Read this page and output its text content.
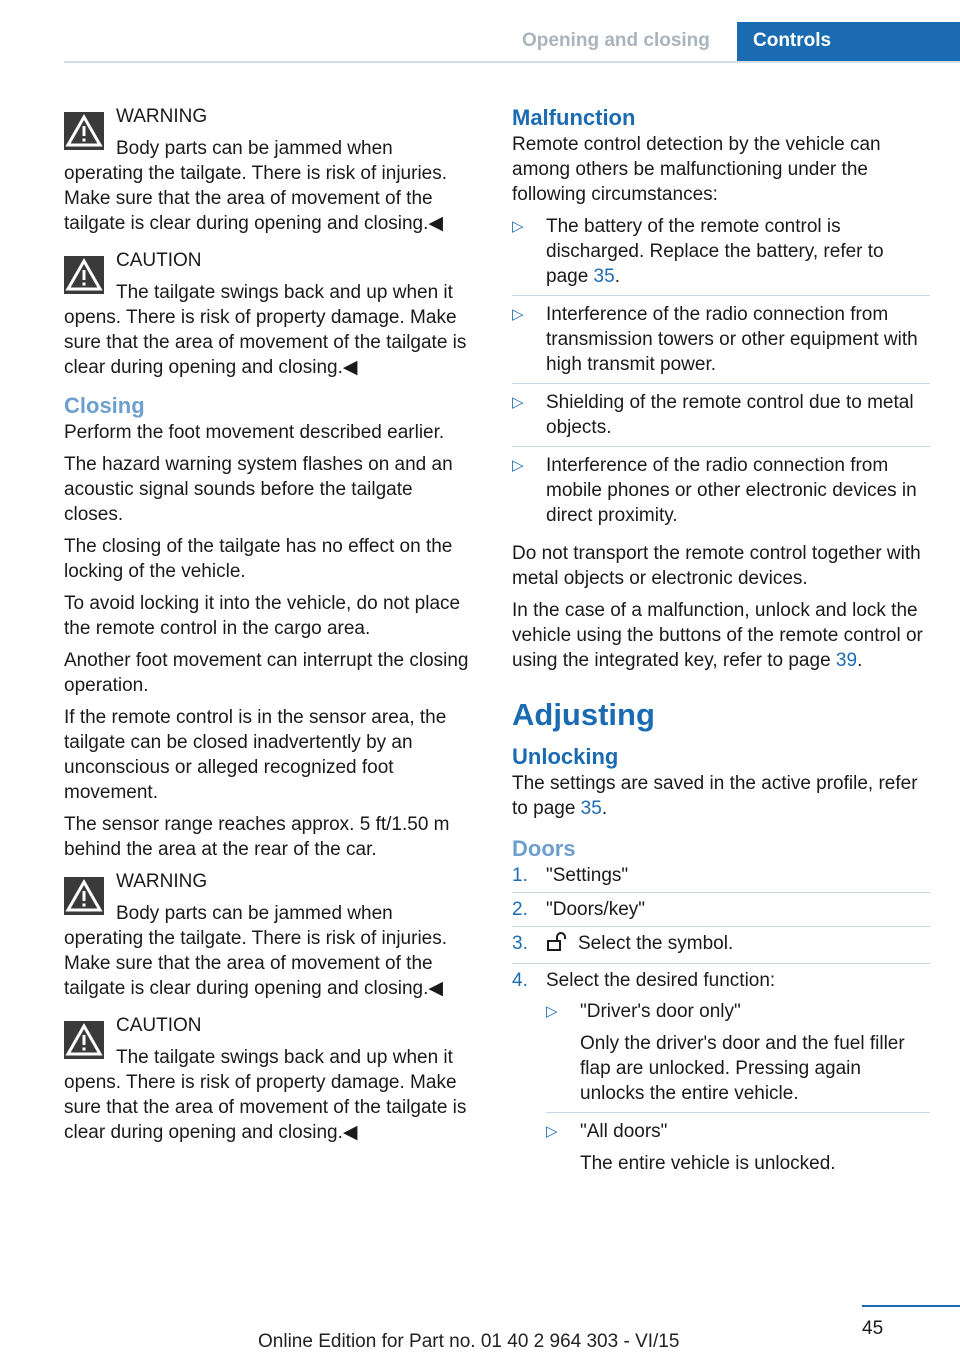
Opening and closing	Controls
WARNING
Body parts can be jammed when operating the tailgate. There is risk of injuries. Make sure that the area of movement of the tailgate is clear during opening and closing.◀
CAUTION
The tailgate swings back and up when it opens. There is risk of property damage. Make sure that the area of movement of the tailgate is clear during opening and closing.◀
Closing

Perform the foot movement described earlier.

The hazard warning system flashes on and an acoustic signal sounds before the tailgate closes.

The closing of the tailgate has no effect on the locking of the vehicle.

To avoid locking it into the vehicle, do not place the remote control in the cargo area.

Another foot movement can interrupt the closing operation.

If the remote control is in the sensor area, the tailgate can be closed inadvertently by an unconscious or alleged recognized foot movement.

The sensor range reaches approx. 5 ft/1.50 m behind the area at the rear of the car.

WARNING
Body parts can be jammed when operating the tailgate. There is risk of injuries. Make sure that the area of movement of the tailgate is clear during opening and closing.◀
CAUTION
The tailgate swings back and up when it opens. There is risk of property damage. Make sure that the area of movement of the tailgate is clear during opening and closing.◀
Malfunction

Remote control detection by the vehicle can among others be malfunctioning under the following circumstances:

▷ The battery of the remote control is discharged. Replace the battery, refer to page 35.
▷ Interference of the radio connection from transmission towers or other equipment with high transmit power.
▷ Shielding of the remote control due to metal objects.
▷ Interference of the radio connection from mobile phones or other electronic devices in direct proximity.

Do not transport the remote control together with metal objects or electronic devices.

In the case of a malfunction, unlock and lock the vehicle using the buttons of the remote control or using the integrated key, refer to page 39.

Adjusting
Unlocking

The settings are saved in the active profile, refer to page 35.

Doors
1. "Settings"
2. "Doors/key"
3.	Select the symbol.
4. Select the desired function:
▷ "Driver's door only"
Only the driver's door and the fuel filler flap are unlocked. Pressing again unlocks the entire vehicle.
▷ "All doors"
The entire vehicle is unlocked.
45
Online Edition for Part no. 01 40 2 964 303 - VI/15
